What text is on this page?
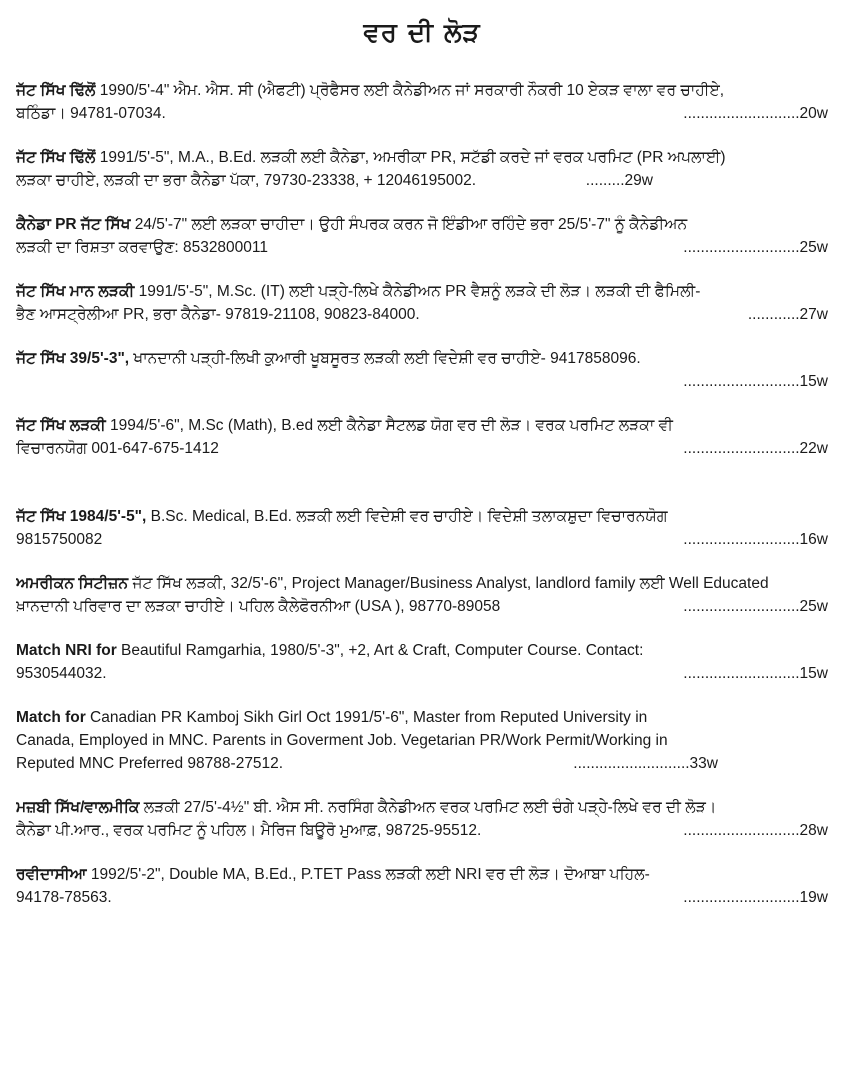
ਵਰ ਦੀ ਲੋੜ
ਜੱਟ ਸਿੱਖ ਢਿੱਲੋਂ 1990/5'-4" ਐਮ. ਐਸ. ਸੀ (ਐਫਟੀ) ਪ੍ਰੋਫੈਸਰ ਲਈ ਕੈਨੇਡੀਅਨ ਜਾਂ ਸਰਕਾਰੀ ਨੌਕਰੀ 10 ਏਕੜ ਵਾਲਾ ਵਰ ਚਾਹੀਏ,
ਬਠਿੰਡਾ। 94781-07034.	...........................20w
ਜੱਟ ਸਿੱਖ ਢਿੱਲੋਂ 1991/5'-5", M.A., B.Ed. ਲੜਕੀ ਲਈ ਕੈਨੇਡਾ, ਅਮਰੀਕਾ PR, ਸਟੱਡੀ ਕਰਦੇ ਜਾਂ ਵਰਕ ਪਰਮਿਟ (PR ਅਪਲਾਈ)
ਲੜਕਾ ਚਾਹੀਏ, ਲੜਕੀ ਦਾ ਭਰਾ ਕੈਨੇਡਾ ਪੱਕਾ, 79730-23338, + 12046195002.	.........29w
ਕੈਨੇਡਾ PR ਜੱਟ ਸਿੱਖ 24/5'-7" ਲਈ ਲੜਕਾ ਚਾਹੀਦਾ। ਉਹੀ ਸੰਪਰਕ ਕਰਨ ਜੋ ਇੰਡੀਆ ਰਹਿੰਦੇ ਭਰਾ 25/5'-7" ਨੂੰ ਕੈਨੇਡੀਅਨ
ਲੜਕੀ ਦਾ ਰਿਸ਼ਤਾ ਕਰਵਾਉਣ: 8532800011	...........................25w
ਜੱਟ ਸਿੱਖ ਮਾਨ ਲੜਕੀ 1991/5'-5", M.Sc. (IT) ਲਈ ਪੜ੍ਹੇ-ਲਿਖੇ ਕੈਨੇਡੀਅਨ PR ਵੈਸ਼ਨੂੰ ਲੜਕੇ ਦੀ ਲੋੜ। ਲੜਕੀ ਦੀ ਫੈਮਿਲੀ-
ਭੈਣ ਆਸਟ੍ਰੇਲੀਆ PR, ਭਰਾ ਕੈਨੇਡਾ- 97819-21108, 90823-84000.	............27w
ਜੱਟ ਸਿੱਖ 39/5'-3", ਖਾਨਦਾਨੀ ਪੜ੍ਹੀ-ਲਿਖੀ ਕੁਆਰੀ ਖੂਬਸੂਰਤ ਲੜਕੀ ਲਈ ਵਿਦੇਸ਼ੀ ਵਰ ਚਾਹੀਏ- 9417858096.

...........................15w
ਜੱਟ ਸਿੱਖ ਲੜਕੀ 1994/5'-6", M.Sc (Math), B.ed ਲਈ ਕੈਨੇਡਾ ਸੈਟਲਡ ਯੋਗ ਵਰ ਦੀ ਲੋੜ। ਵਰਕ ਪਰਮਿਟ ਲੜਕਾ ਵੀ
ਵਿਚਾਰਨਯੋਗ 001-647-675-1412	...........................22w
ਜੱਟ ਸਿੱਖ 1984/5'-5", B.Sc. Medical, B.Ed. ਲੜਕੀ ਲਈ ਵਿਦੇਸ਼ੀ ਵਰ ਚਾਹੀਏ। ਵਿਦੇਸ਼ੀ ਤਲਾਕਸ਼ੁਦਾ ਵਿਚਾਰਨਯੋਗ
9815750082	...........................16w
ਅਮਰੀਕਨ ਸਿਟੀਜ਼ਨ ਜੱਟ ਸਿੱਖ ਲੜਕੀ, 32/5'-6", Project Manager/Business Analyst, landlord family ਲਈ Well Educated
ਖ਼ਾਨਦਾਨੀ ਪਰਿਵਾਰ ਦਾ ਲੜਕਾ ਚਾਹੀਏ। ਪਹਿਲ ਕੈਲੇਫੋਰਨੀਆ (USA ), 98770-89058	...........................25w
Match NRI for Beautiful Ramgarhia, 1980/5'-3", +2, Art & Craft, Computer Course. Contact:
9530544032.	...........................15w
Match for Canadian PR Kamboj Sikh Girl Oct 1991/5'-6", Master from Reputed University in
Canada, Employed in MNC. Parents in Goverment Job. Vegetarian PR/Work Permit/Working in
Reputed MNC Preferred 98788-27512.	...........................33w
ਮਜ਼ਬੀ ਸਿੱਖ/ਵਾਲਮੀਕਿ ਲੜਕੀ 27/5'-4½" ਬੀ. ਐਸ ਸੀ. ਨਰਸਿੰਗ ਕੈਨੇਡੀਅਨ ਵਰਕ ਪਰਮਿਟ ਲਈ ਚੰਗੇ ਪੜ੍ਹੇ-ਲਿਖੇ ਵਰ ਦੀ ਲੋੜ।
ਕੈਨੇਡਾ ਪੀ.ਆਰ., ਵਰਕ ਪਰਮਿਟ ਨੂੰ ਪਹਿਲ। ਮੈਰਿਜ ਬਿਊਰੋ ਮੁਆਫ਼, 98725-95512.	...........................28w
ਰਵੀਦਾਸੀਆ 1992/5'-2", Double MA, B.Ed., P.TET Pass ਲੜਕੀ ਲਈ NRI ਵਰ ਦੀ ਲੋੜ। ਦੋਆਬਾ ਪਹਿਲ-
94178-78563.	...........................19w
